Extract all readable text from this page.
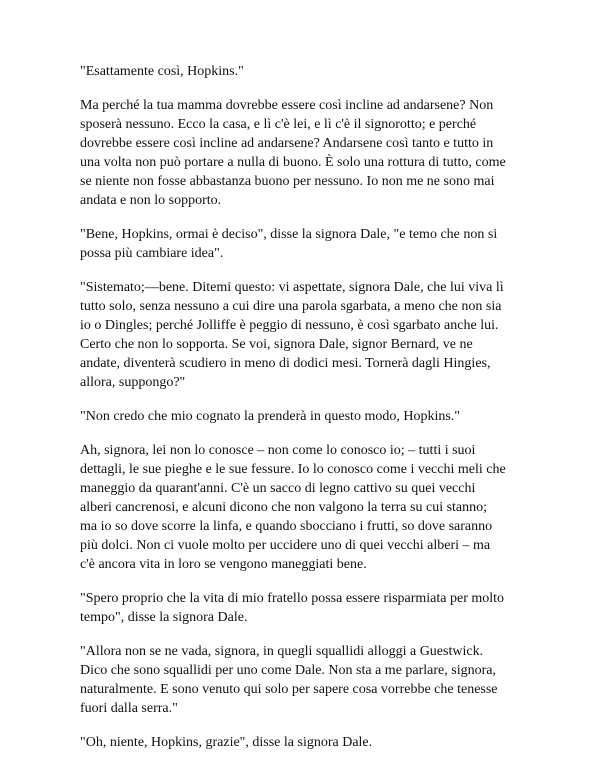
"Esattamente così, Hopkins."

Ma perché la tua mamma dovrebbe essere così incline ad andarsene? Non
sposerà nessuno. Ecco la casa, e lì c'è lei, e lì c'è il signorotto; e perché
dovrebbe essere così incline ad andarsene? Andarsene così tanto e tutto in
una volta non può portare a nulla di buono. È solo una rottura di tutto, come
se niente non fosse abbastanza buono per nessuno. Io non me ne sono mai
andata e non lo sopporto.

"Bene, Hopkins, ormai è deciso", disse la signora Dale, "e temo che non si
possa più cambiare idea".

"Sistemato;—bene. Ditemi questo: vi aspettate, signora Dale, che lui viva lì
tutto solo, senza nessuno a cui dire una parola sgarbata, a meno che non sia
io o Dingles; perché Jolliffe è peggio di nessuno, è così sgarbato anche lui.
Certo che non lo sopporta. Se voi, signora Dale, signor Bernard, ve ne
andate, diventerà scudiero in meno di dodici mesi. Tornerà dagli Hingies,
allora, suppongo?"

"Non credo che mio cognato la prenderà in questo modo, Hopkins."

Ah, signora, lei non lo conosce – non come lo conosco io; – tutti i suoi
dettagli, le sue pieghe e le sue fessure. Io lo conosco come i vecchi meli che
maneggio da quarant'anni. C'è un sacco di legno cattivo su quei vecchi
alberi cancrenosi, e alcuni dicono che non valgono la terra su cui stanno;
ma io so dove scorre la linfa, e quando sbocciano i frutti, so dove saranno
più dolci. Non ci vuole molto per uccidere uno di quei vecchi alberi – ma
c'è ancora vita in loro se vengono maneggiati bene.

"Spero proprio che la vita di mio fratello possa essere risparmiata per molto
tempo", disse la signora Dale.

"Allora non se ne vada, signora, in quegli squallidi alloggi a Guestwick.
Dico che sono squallidi per uno come Dale. Non sta a me parlare, signora,
naturalmente. E sono venuto qui solo per sapere cosa vorrebbe che tenesse
fuori dalla serra."

"Oh, niente, Hopkins, grazie", disse la signora Dale.
